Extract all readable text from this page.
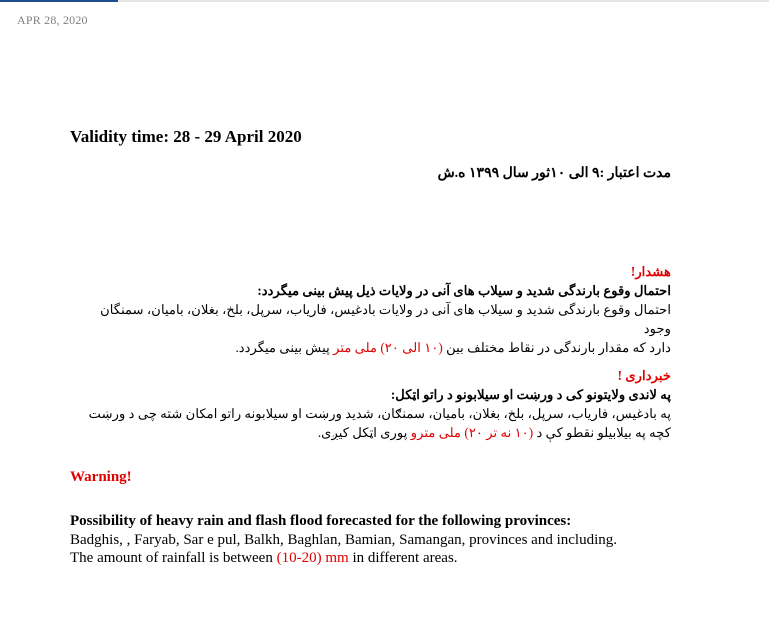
APR 28, 2020
Validity time: 28 - 29 April 2020
مدت اعتبار :۹ الی ۱۰ثور سال ۱۳۹۹ ه.ش
هشدار!
احتمال وقوع بارندگی شدید و سیلاب های آنی در ولایات ذیل پیش بینی میگردد:
احتمال وقوع بارندگی شدید و سیلاب های آنی در ولایات بادغیس، فاریاب، سرپل، بلخ، بغلان، بامیان، سمنگان وجود
دارد که مقدار بارندگی در نقاط مختلف بین (۱۰ الی ۲۰) ملی متر پیش بینی میگردد.
خبرداری !
په لاندی ولایتونو کی د ورښت او سیلابونو د راتو اټکل:
په بادغیس، فاریاب، سرپل، بلخ، بغلان، بامیان، سمنګان، شدید ورښت او سیلابونه راتو امکان شته چی د ورښت
کچه په بیلابیلو نقطو کې د (۱۰ نه تر ۲۰) ملی مترو پوری اټکل کیږی.
Warning!
Possibility of heavy rain and flash flood forecasted for the following provinces:
Badghis, , Faryab, Sar e pul, Balkh, Baghlan, Bamian, Samangan, provinces and including.
The amount of rainfall is between (10-20) mm in different areas.
